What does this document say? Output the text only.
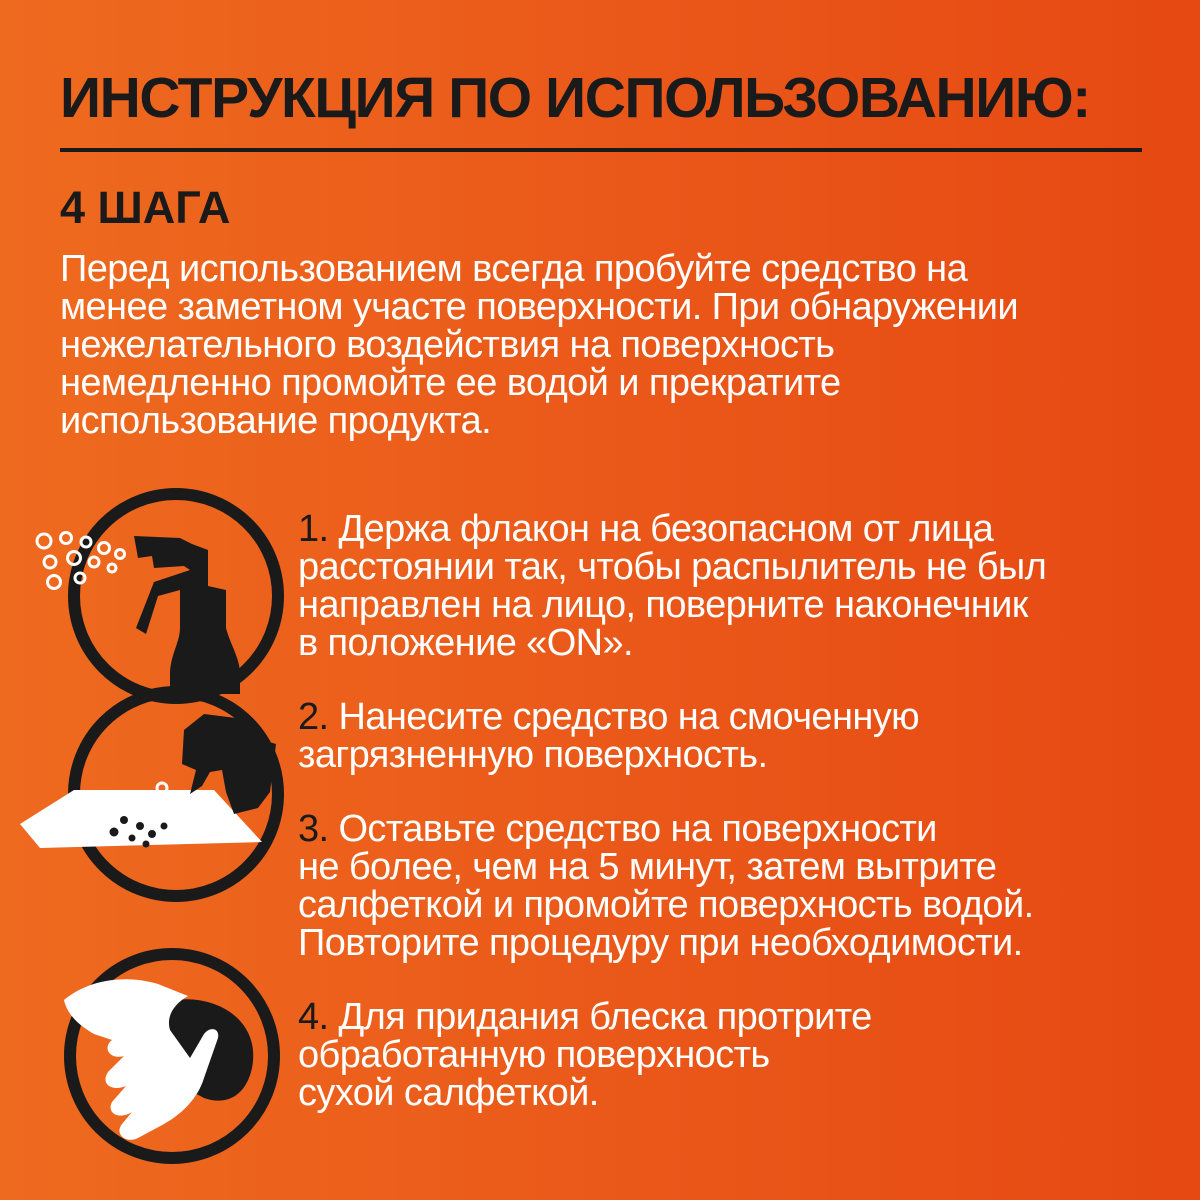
ИНСТРУКЦИЯ ПО ИСПОЛЬЗОВАНИЮ:
4 ШАГА

Перед использованием всегда пробуйте средство на
менее заметном участе поверхности. При обнаружении
нежелательного воздействия на поверхность
немедленно промойте ее водой и прекратите
использование продукта.

1. Держа флакон на безопасном от лица
расстоянии так, чтобы распылитель не был
направлен на лицо, поверните наконечник
в положение «ON».

2. Нанесите средство на смоченную
загрязненную поверхность.

3. Оставьте средство на поверхности
не более, чем на 5 минут, затем вытрите
салфеткой и промойте поверхность водой.
Повторите процедуру при необходимости.

4. Для придания блеска протрите
обработанную поверхность
сухой салфеткой.
